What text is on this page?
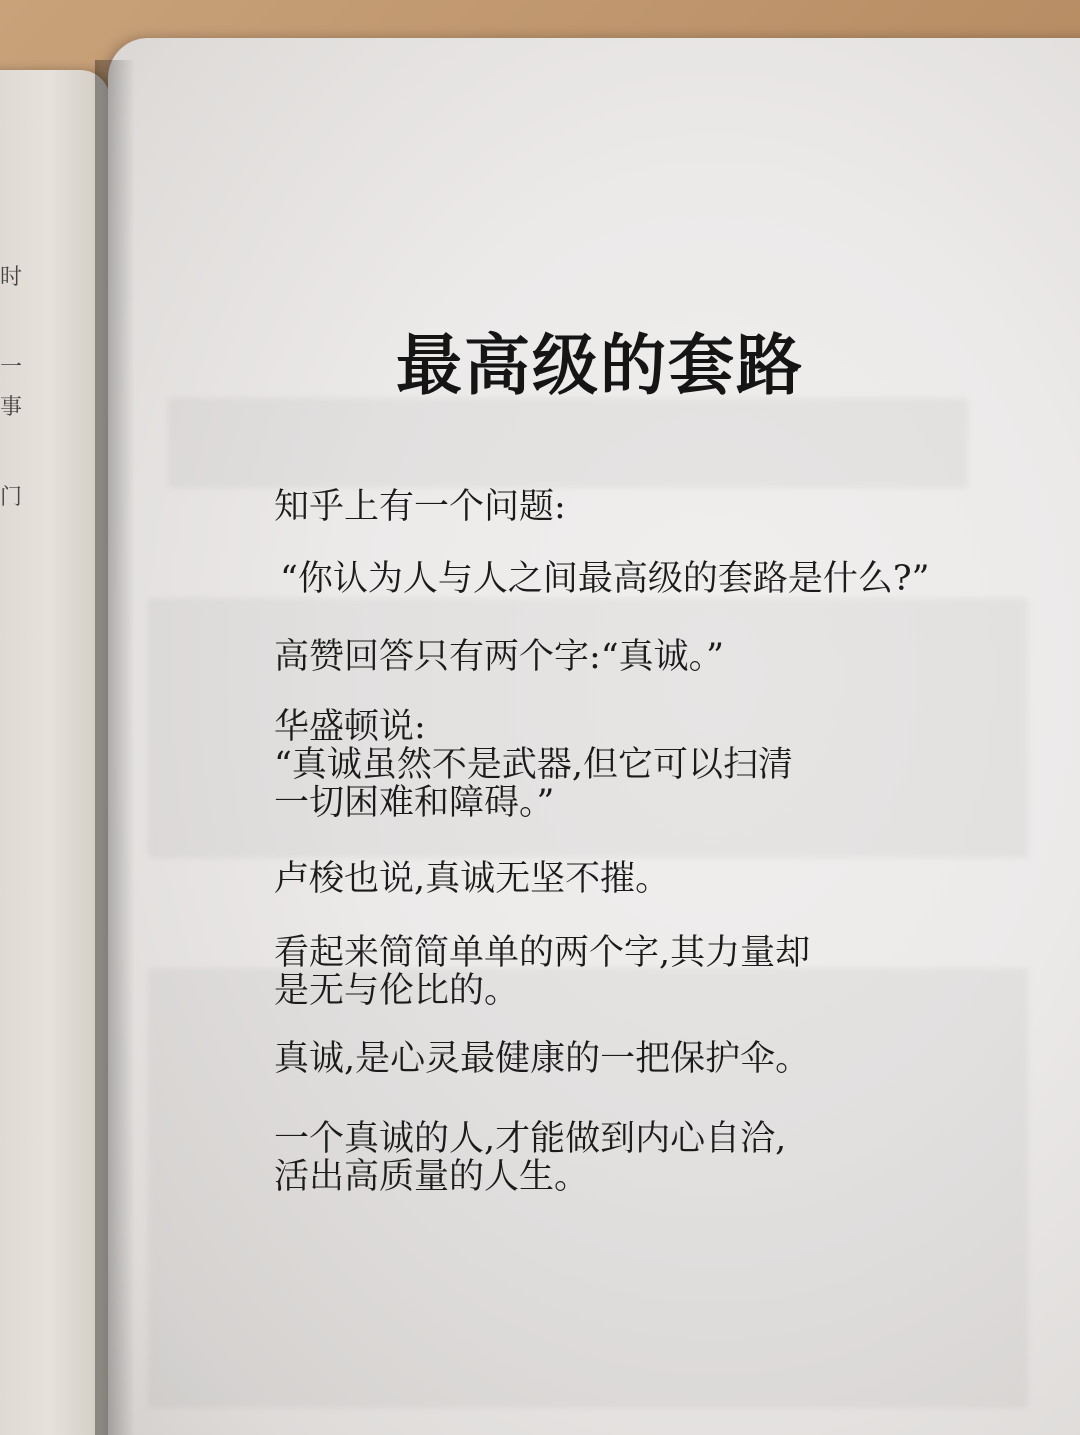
时
一
事
门
最高级的套路

知乎上有一个问题:

“你认为人与人之间最高级的套路是什么?”

高赞回答只有两个字:“真诚。”

华盛顿说:
“真诚虽然不是武器,但它可以扫清
一切困难和障碍。”

卢梭也说,真诚无坚不摧。

看起来简简单单的两个字,其力量却
是无与伦比的。

真诚,是心灵最健康的一把保护伞。

一个真诚的人,才能做到内心自洽,
活出高质量的人生。
